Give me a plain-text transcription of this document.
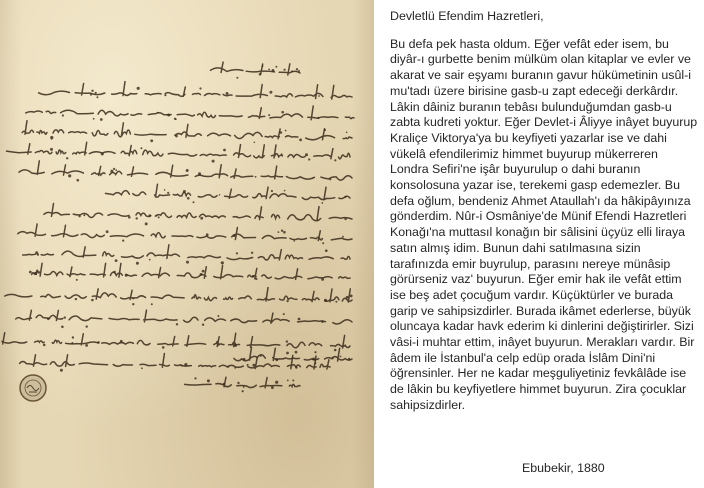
Devletlü Efendim Hazretleri,

Bu defa pek hasta oldum. Eğer vefât eder isem, bu diyâr-ı gurbette benim mülküm olan kitaplar ve evler ve akarat ve sair eşyamı buranın gavur hükümetinin usûl-i mu'tadı üzere birisine gasb-u zapt edeceği derkârdır. Lâkin dâiniz buranın tebâsı bulunduğumdan gasb-u zabta kudreti yoktur. Eğer Devlet-i Âliyye inâyet buyurup Kraliçe Viktorya'ya bu keyfiyeti yazarlar ise ve dahi vükelâ efendilerimiz himmet buyurup mükerreren Londra Sefiri'ne işâr buyurulup o dahi buranın konsolosuna yazar ise, terekemi gasp edemezler. Bu defa oğlum, bendeniz Ahmet Ataullah'ı da hâkipâyınıza gönderdim. Nûr-i Osmâniye'de Münif Efendi Hazretleri Konağı'na muttasıl konağın bir sâlisini üçyüz elli liraya satın almış idim. Bunun dahi satılmasına sizin tarafınızda emir buyrulup, parasını nereye münâsip görürseniz vaz' buyurun. Eğer emir hak ile vefât ettim ise beş adet çocuğum vardır. Küçüktürler ve burada garip ve sahipsizdirler. Burada ikâmet ederlerse, büyük oluncaya kadar havk ederim ki dinlerini değiştirirler. Sizi vâsi-i muhtar ettim, inâyet buyurun. Merakları vardır. Bir âdem ile İstanbul'a celp edüp orada İslâm Dini'ni öğrensinler. Her ne kadar meşguliyetiniz fevkâlâde ise de lâkin bu keyfiyetlere himmet buyurun. Zira çocuklar sahipsizdirler.

Ebubekir, 1880
